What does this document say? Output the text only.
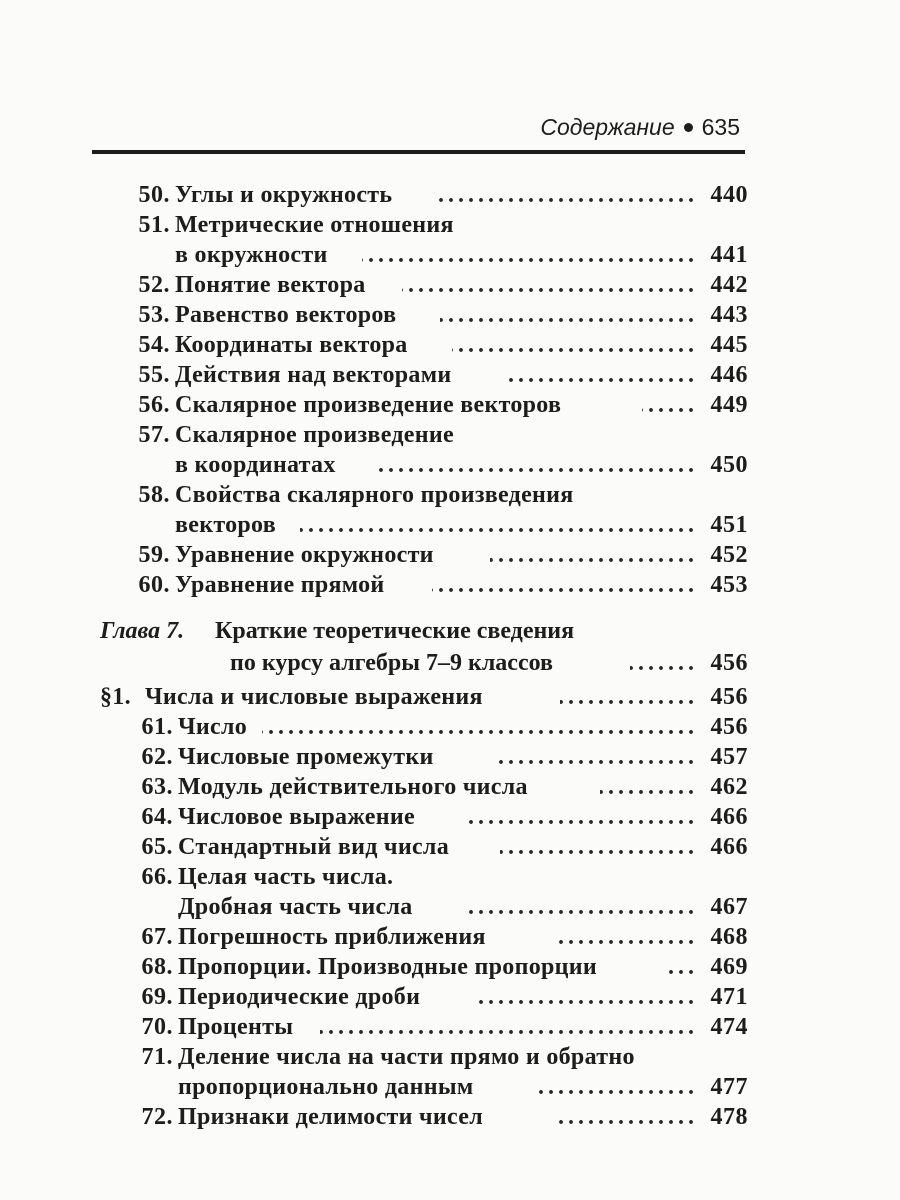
Содержание 635
50. Углы и окружность . . .	440
51. Метрические отношения
в окружности . . .	441
52. Понятие вектора . . .	442
53. Равенство векторов . . .	443
54. Координаты вектора . . .	445
55. Действия над векторами . . .	446
56. Скалярное произведение векторов . . .	449
57. Скалярное произведение
в координатах . . .	450
58. Свойства скалярного произведения
векторов . . .	451
59. Уравнение окружности . . .	452
60. Уравнение прямой . . .	453
Глава 7. Краткие теоретические сведения
по курсу алгебры 7–9 классов . . .	456
§1. Числа и числовые выражения . . .	456
61. Число . . .	456
62. Числовые промежутки . . .	457
63. Модуль действительного числа . . .	462
64. Числовое выражение . . .	466
65. Стандартный вид числа . . .	466
66. Целая часть числа.
Дробная часть числа . . .	467
67. Погрешность приближения . . .	468
68. Пропорции. Производные пропорции . . .	469
69. Периодические дроби . . .	471
70. Проценты . . .	474
71. Деление числа на части прямо и обратно
пропорционально данным . . .	477
72. Признаки делимости чисел . . .	478
